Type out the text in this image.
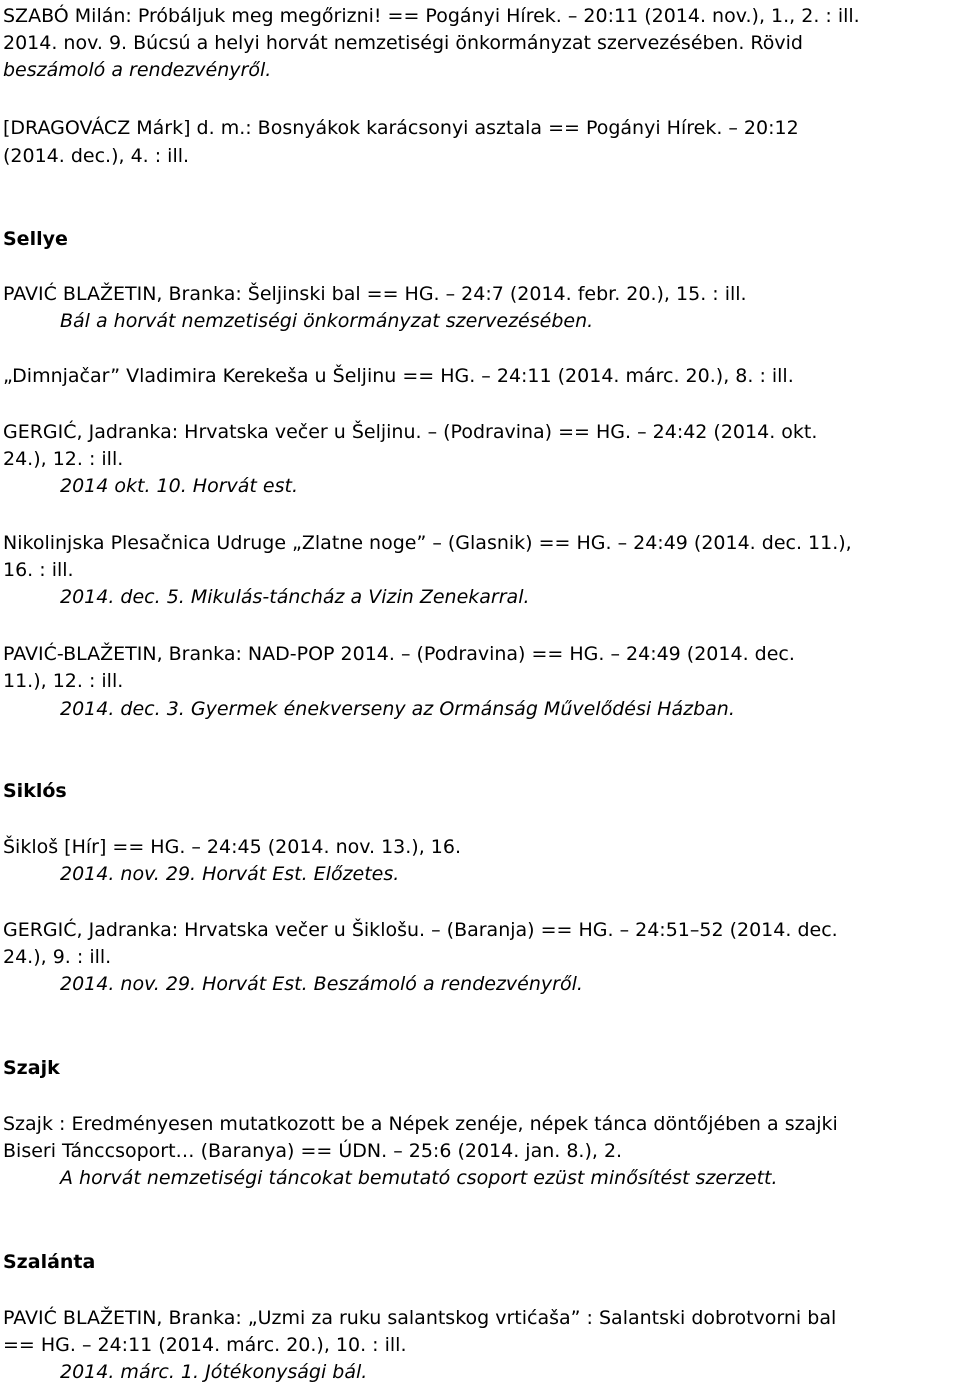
SZABÓ Milán: Próbáljuk meg megőrizni! == Pogányi Hírek. – 20:11 (2014. nov.), 1., 2. : ill.

2014. nov. 9. Búcsú a helyi horvát nemzetiségi önkormányzat szervezésében. Rövid

beszámoló a rendezvényről.

[DRAGOVÁCZ Márk] d. m.: Bosnyákok karácsonyi asztala == Pogányi Hírek. – 20:12

(2014. dec.), 4. : ill.

Sellye

PAVIĆ BLAŽETIN, Branka: Šeljinski bal == HG. – 24:7 (2014. febr. 20.), 15. : ill.

Bál a horvát nemzetiségi önkormányzat szervezésében.

„Dimnjačar” Vladimira Kerekeša u Šeljinu == HG. – 24:11 (2014. márc. 20.), 8. : ill.

GERGIĆ, Jadranka: Hrvatska večer u Šeljinu. – (Podravina) == HG. – 24:42 (2014. okt.

24.), 12. : ill.

2014 okt. 10. Horvát est.

Nikolinjska Plesačnica Udruge „Zlatne noge” – (Glasnik) == HG. – 24:49 (2014. dec. 11.),

16. : ill.

2014. dec. 5. Mikulás-táncház a Vizin Zenekarral.

PAVIĆ-BLAŽETIN, Branka: NAD-POP 2014. – (Podravina) == HG. – 24:49 (2014. dec.

11.), 12. : ill.

2014. dec. 3. Gyermek énekverseny az Ormánság Művelődési Házban.

Siklós

Šikloš [Hír] == HG. – 24:45 (2014. nov. 13.), 16.

2014. nov. 29. Horvát Est. Előzetes.

GERGIĆ, Jadranka: Hrvatska večer u Šiklošu. – (Baranja) == HG. – 24:51–52 (2014. dec.

24.), 9. : ill.

2014. nov. 29. Horvát Est. Beszámoló a rendezvényről.

Szajk

Szajk : Eredményesen mutatkozott be a Népek zenéje, népek tánca döntőjében a szajki

Biseri Tánccsoport… (Baranya) == ÚDN. – 25:6 (2014. jan. 8.), 2.

A horvát nemzetiségi táncokat bemutató csoport ezüst minősítést szerzett.

Szalánta

PAVIĆ BLAŽETIN, Branka: „Uzmi za ruku salantskog vrtićaša” : Salantski dobrotvorni bal

== HG. – 24:11 (2014. márc. 20.), 10. : ill.

2014. márc. 1. Jótékonysági bál.
